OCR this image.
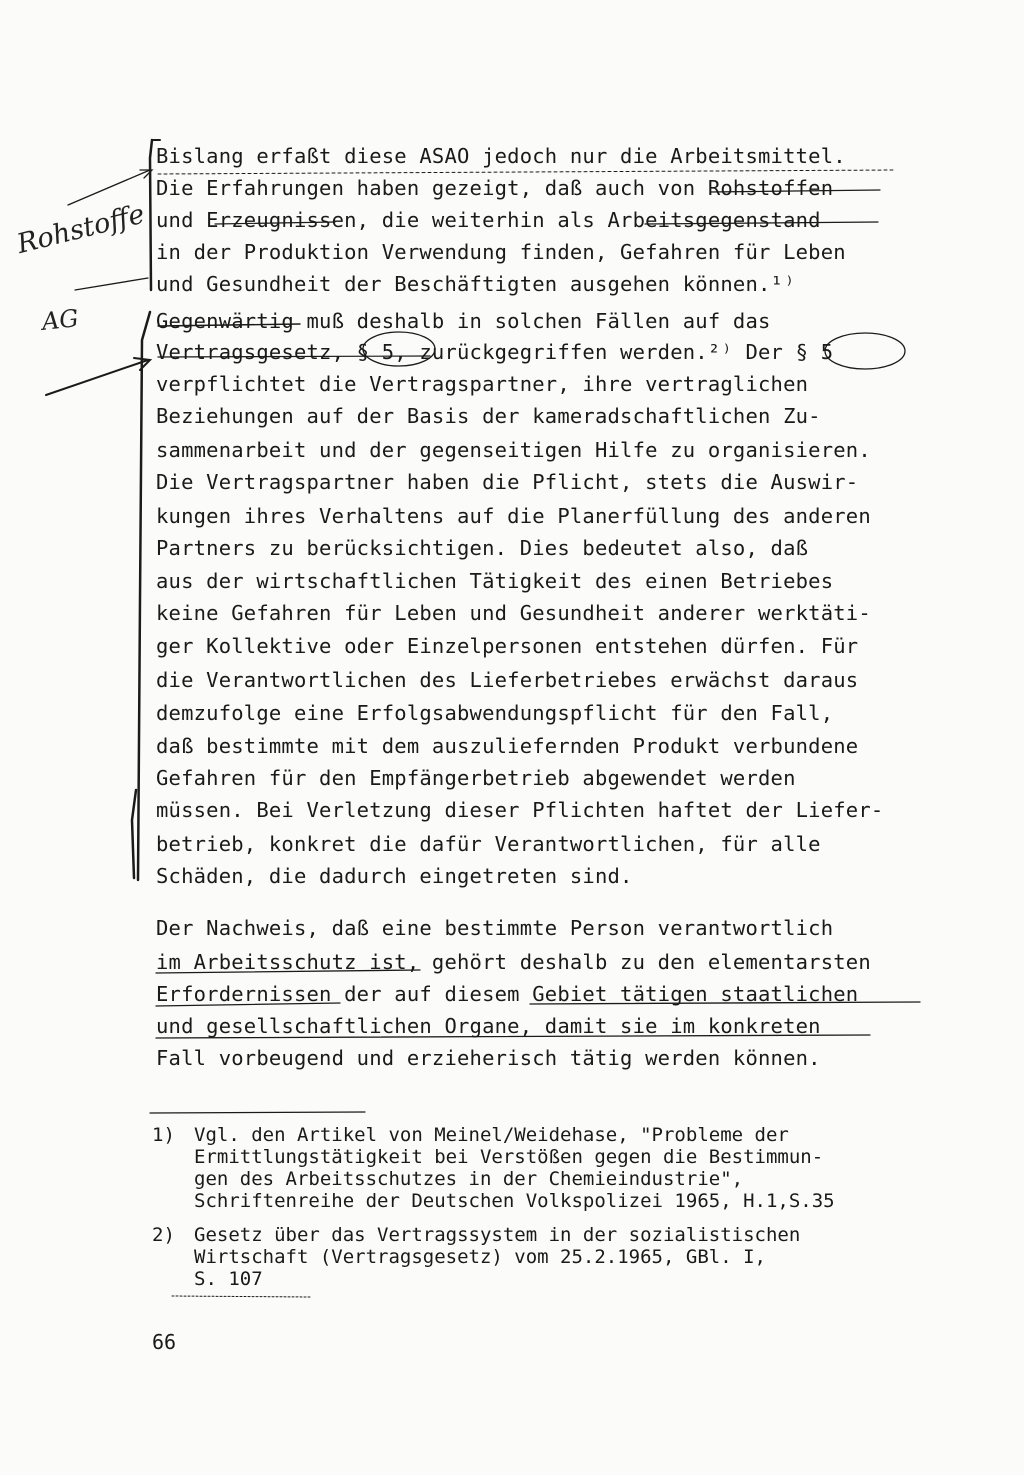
Rohstoffe
AG
Bislang erfaßt diese ASAO jedoch nur die Arbeitsmittel.
Die Erfahrungen haben gezeigt, daß auch von Rohstoffen
und Erzeugnissen, die weiterhin als Arbeitsgegenstand
in der Produktion Verwendung finden, Gefahren für Leben
und Gesundheit der Beschäftigten ausgehen können.¹⁾
Gegenwärtig muß deshalb in solchen Fällen auf das
Vertragsgesetz, § 5, zurückgegriffen werden.²⁾ Der § 5
verpflichtet die Vertragspartner, ihre vertraglichen
Beziehungen auf der Basis der kameradschaftlichen Zu-
sammenarbeit und der gegenseitigen Hilfe zu organisieren.
Die Vertragspartner haben die Pflicht, stets die Auswir-
kungen ihres Verhaltens auf die Planerfüllung des anderen
Partners zu berücksichtigen. Dies bedeutet also, daß
aus der wirtschaftlichen Tätigkeit des einen Betriebes
keine Gefahren für Leben und Gesundheit anderer werktäti-
ger Kollektive oder Einzelpersonen entstehen dürfen. Für
die Verantwortlichen des Lieferbetriebes erwächst daraus
demzufolge eine Erfolgsabwendungspflicht für den Fall,
daß bestimmte mit dem auszuliefernden Produkt verbundene
Gefahren für den Empfängerbetrieb abgewendet werden
müssen. Bei Verletzung dieser Pflichten haftet der Liefer-
betrieb, konkret die dafür Verantwortlichen, für alle
Schäden, die dadurch eingetreten sind.
Der Nachweis, daß eine bestimmte Person verantwortlich
im Arbeitsschutz ist, gehört deshalb zu den elementarsten
Erfordernissen der auf diesem Gebiet tätigen staatlichen
und gesellschaftlichen Organe, damit sie im konkreten
Fall vorbeugend und erzieherisch tätig werden können.
1) Vgl. den Artikel von Meinel/Weidehase, "Probleme der
Ermittlungstätigkeit bei Verstößen gegen die Bestimmun-
gen des Arbeitsschutzes in der Chemieindustrie",
Schriftenreihe der Deutschen Volkspolizei 1965, H.1,S.35
2) Gesetz über das Vertragssystem in der sozialistischen
Wirtschaft (Vertragsgesetz) vom 25.2.1965, GBl. I,
S. 107
66
